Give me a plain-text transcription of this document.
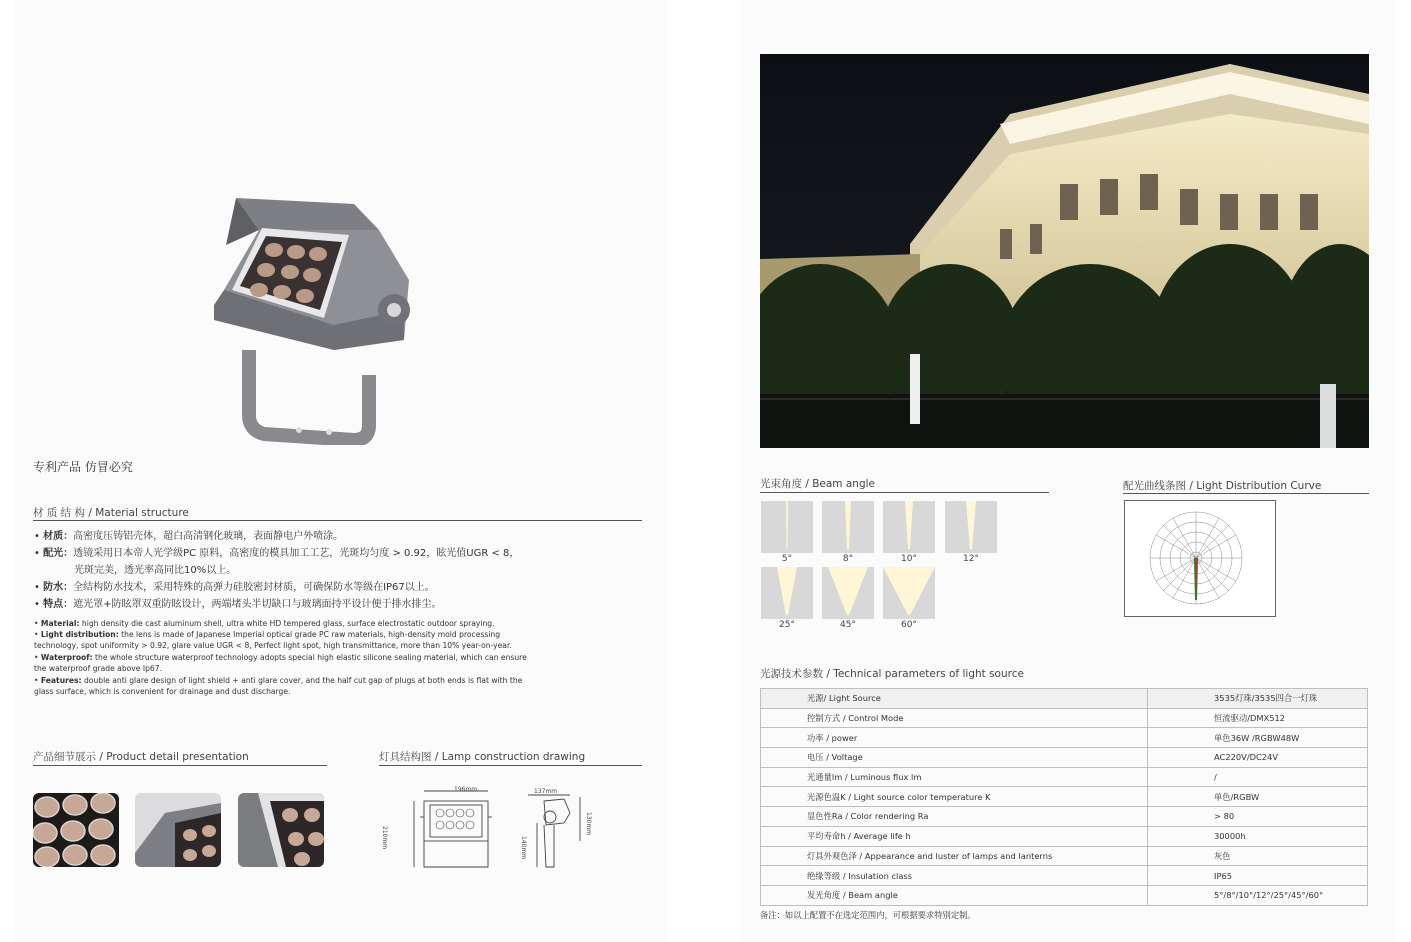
专利产品 仿冒必究
材 质 结 构 / Material structure
• 材质：高密度压铸铝壳体，超白高清钢化玻璃，表面静电户外喷涂。
• 配光：透镜采用日本帝人光学级PC 原料，高密度的模具加工工艺，光斑均匀度 > 0.92，眩光值UGR < 8，
光斑完美，透光率高同比10%以上。
• 防水：全结构防水技术，采用特殊的高弹力硅胶密封材质，可确保防水等级在IP67以上。
• 特点：遮光罩+防眩罩双重防眩设计，两端堵头半切缺口与玻璃面持平设计便于排水排尘。
• Material: high density die cast aluminum shell, ultra white HD tempered glass, surface electrostatic outdoor spraying.
• Light distribution: the lens is made of Japanese Imperial optical grade PC raw materials, high-density mold processing technology, spot uniformity > 0.92, glare value UGR < 8, Perfect light spot, high transmittance, more than 10% year-on-year.
• Waterproof: the whole structure waterproof technology adopts special high elastic silicone sealing material, which can ensure the waterproof grade above Ip67.
• Features: double anti glare design of light shield + anti glare cover, and the half cut gap of plugs at both ends is flat with the glass surface, which is convenient for drainage and dust discharge.
产品细节展示 / Product detail presentation	灯具结构图 / Lamp construction drawing
196mm
210mm
137mm
140mm
130mm
光束角度 / Beam angle	配光曲线条图 / Light Distribution Curve
5°	8°	10°	12°
25°	45°	60°
光源技术参数 / Technical parameters of light source
光源/ Light Source	3535灯珠/3535四合一灯珠
控制方式 / Control Mode	恒流驱动/DMX512
功率 / power	单色36W /RGBW48W
电压 / Voltage	AC220V/DC24V
光通量lm / Luminous flux lm	/
光源色温K / Light source color temperature K	单色/RGBW
显色性Ra / Color rendering Ra	> 80
平均寿命h / Average life h	30000h
灯具外观色泽 / Appearance and luster of lamps and lanterns	灰色
绝缘等级 / Insulation class	IP65
发光角度 / Beam angle	5°/8°/10°/12°/25°/45°/60°
备注：如以上配置不在选定范围内，可根据要求特别定制。
